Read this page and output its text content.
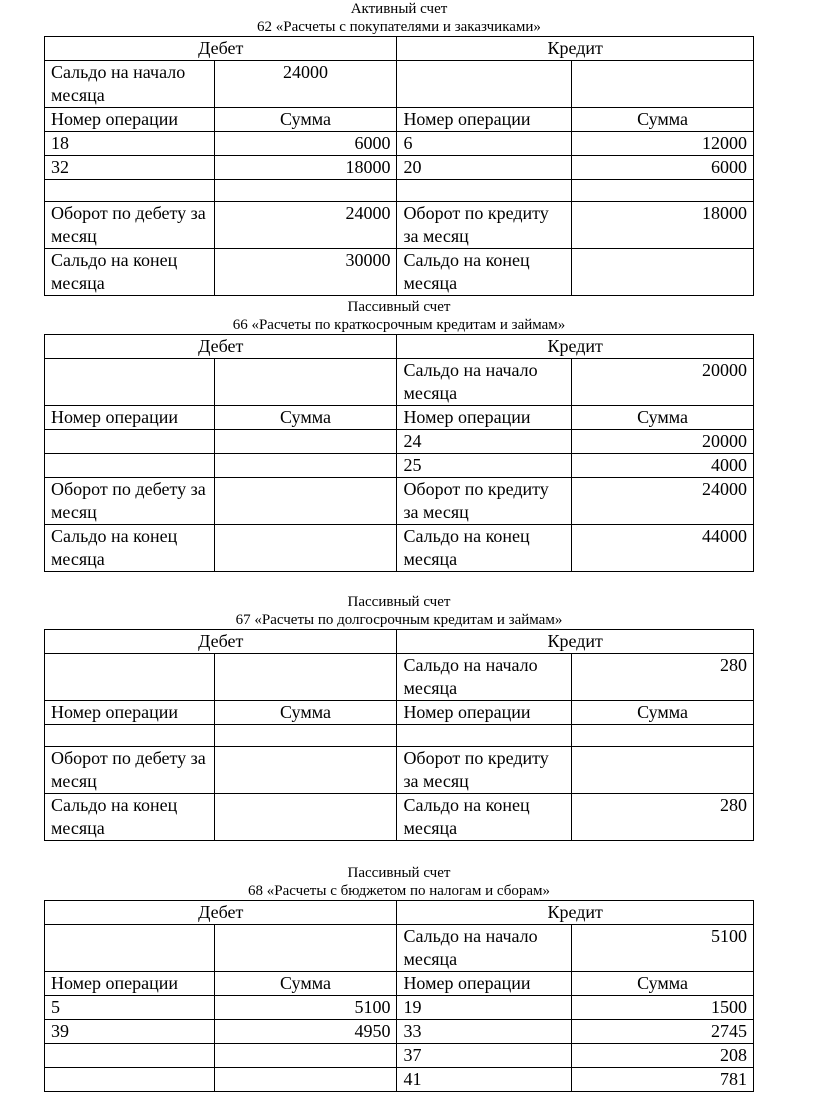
Активный счет
62 «Расчеты с покупателями и заказчиками»
Дебет		Кредит	
Сальдо на начало месяца	24000		
Номер операции	Сумма	Номер операции	Сумма
18	6000	6	12000
32	18000	20	6000

Оборот по дебету за месяц	24000	Оборот по кредиту за месяц	18000
Сальдо на конец месяца	30000	Сальдо на конец месяца	
Пассивный счет
66 «Расчеты по краткосрочным кредитам и займам»
Дебет		Кредит	
		Сальдо на начало месяца	20000
Номер операции	Сумма	Номер операции	Сумма
		24	20000
		25	4000
Оборот по дебету за месяц		Оборот по кредиту за месяц	24000
Сальдо на конец месяца		Сальдо на конец месяца	44000
Пассивный счет
67 «Расчеты по долгосрочным кредитам и займам»
Дебет		Кредит	
		Сальдо на начало месяца	280
Номер операции	Сумма	Номер операции	Сумма

Оборот по дебету за месяц		Оборот по кредиту за месяц	
Сальдо на конец месяца		Сальдо на конец месяца	280
Пассивный счет
68 «Расчеты с бюджетом по налогам и сборам»
Дебет		Кредит	
		Сальдо на начало месяца	5100
Номер операции	Сумма	Номер операции	Сумма
5	5100	19	1500
39	4950	33	2745
		37	208
		41	781
